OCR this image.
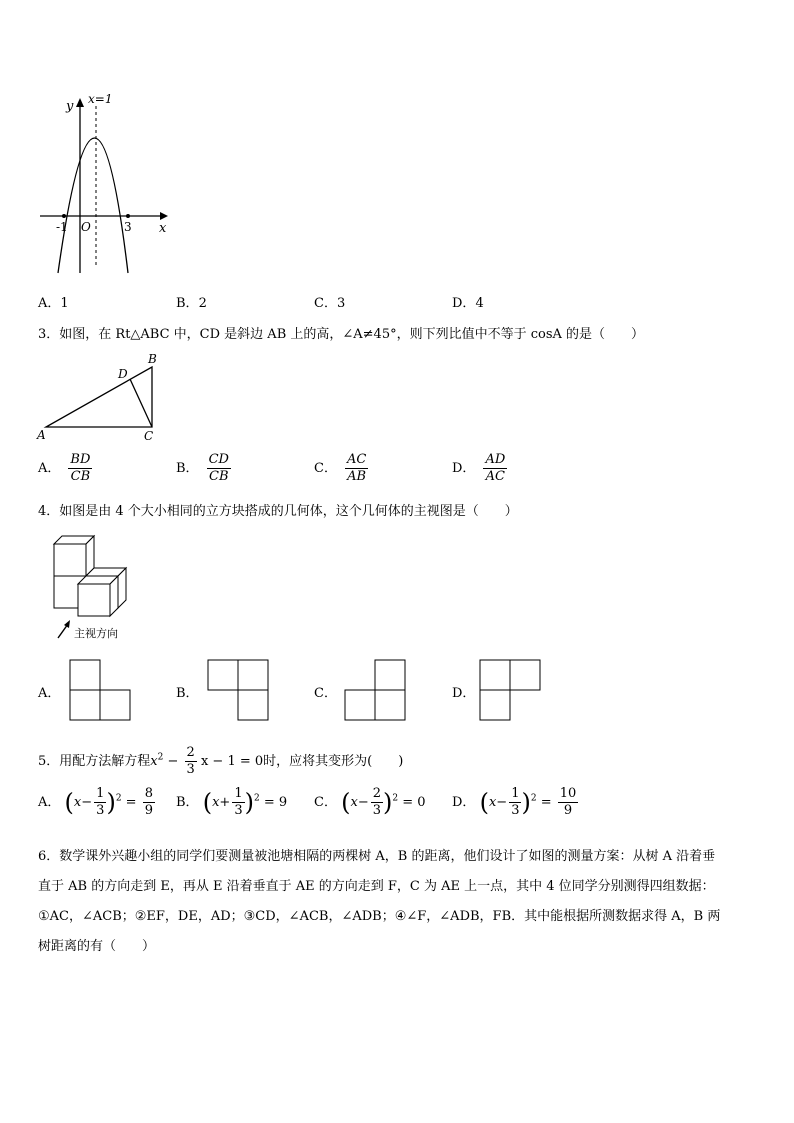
x=1
y
x
O
-1	3
A．1	B．2	C．3	D．4
3．如图，在 Rt△ABC 中，CD 是斜边 AB 上的高，∠A≠45°，则下列比值中不等于 cosA 的是（　　）
B
D
A	C
A． $\frac{BD}{CB}$	B． $\frac{CD}{CB}$	C． $\frac{AC}{AB}$	D． $\frac{AD}{AC}$
4．如图是由 4 个大小相同的立方块搭成的几何体，这个几何体的主视图是（　　）
主视方向
A．	B．	C．	D．
5．用配方法解方程$x^2 - \frac{2}{3}$ x − 1 = 0时，应将其变形为(　　)
A． $(x- \frac{1}{3} )^2 = \frac{8}{9}$ B． $(x+ \frac{1}{3} )^2 = 9$ C． $(x- \frac{2}{3} )^2 = 0$ D． $(x- \frac{1}{3} )^2 = \frac{10}{9}$
6．数学课外兴趣小组的同学们要测量被池塘相隔的两棵树 A，B 的距离，他们设计了如图的测量方案：从树 A 沿着垂
直于 AB 的方向走到 E，再从 E 沿着垂直于 AE 的方向走到 F，C 为 AE 上一点，其中 4 位同学分别测得四组数据：
①AC，∠ACB；②EF，DE，AD；③CD，∠ACB，∠ADB；④∠F，∠ADB，FB．其中能根据所测数据求得 A，B 两
树距离的有（　　）
